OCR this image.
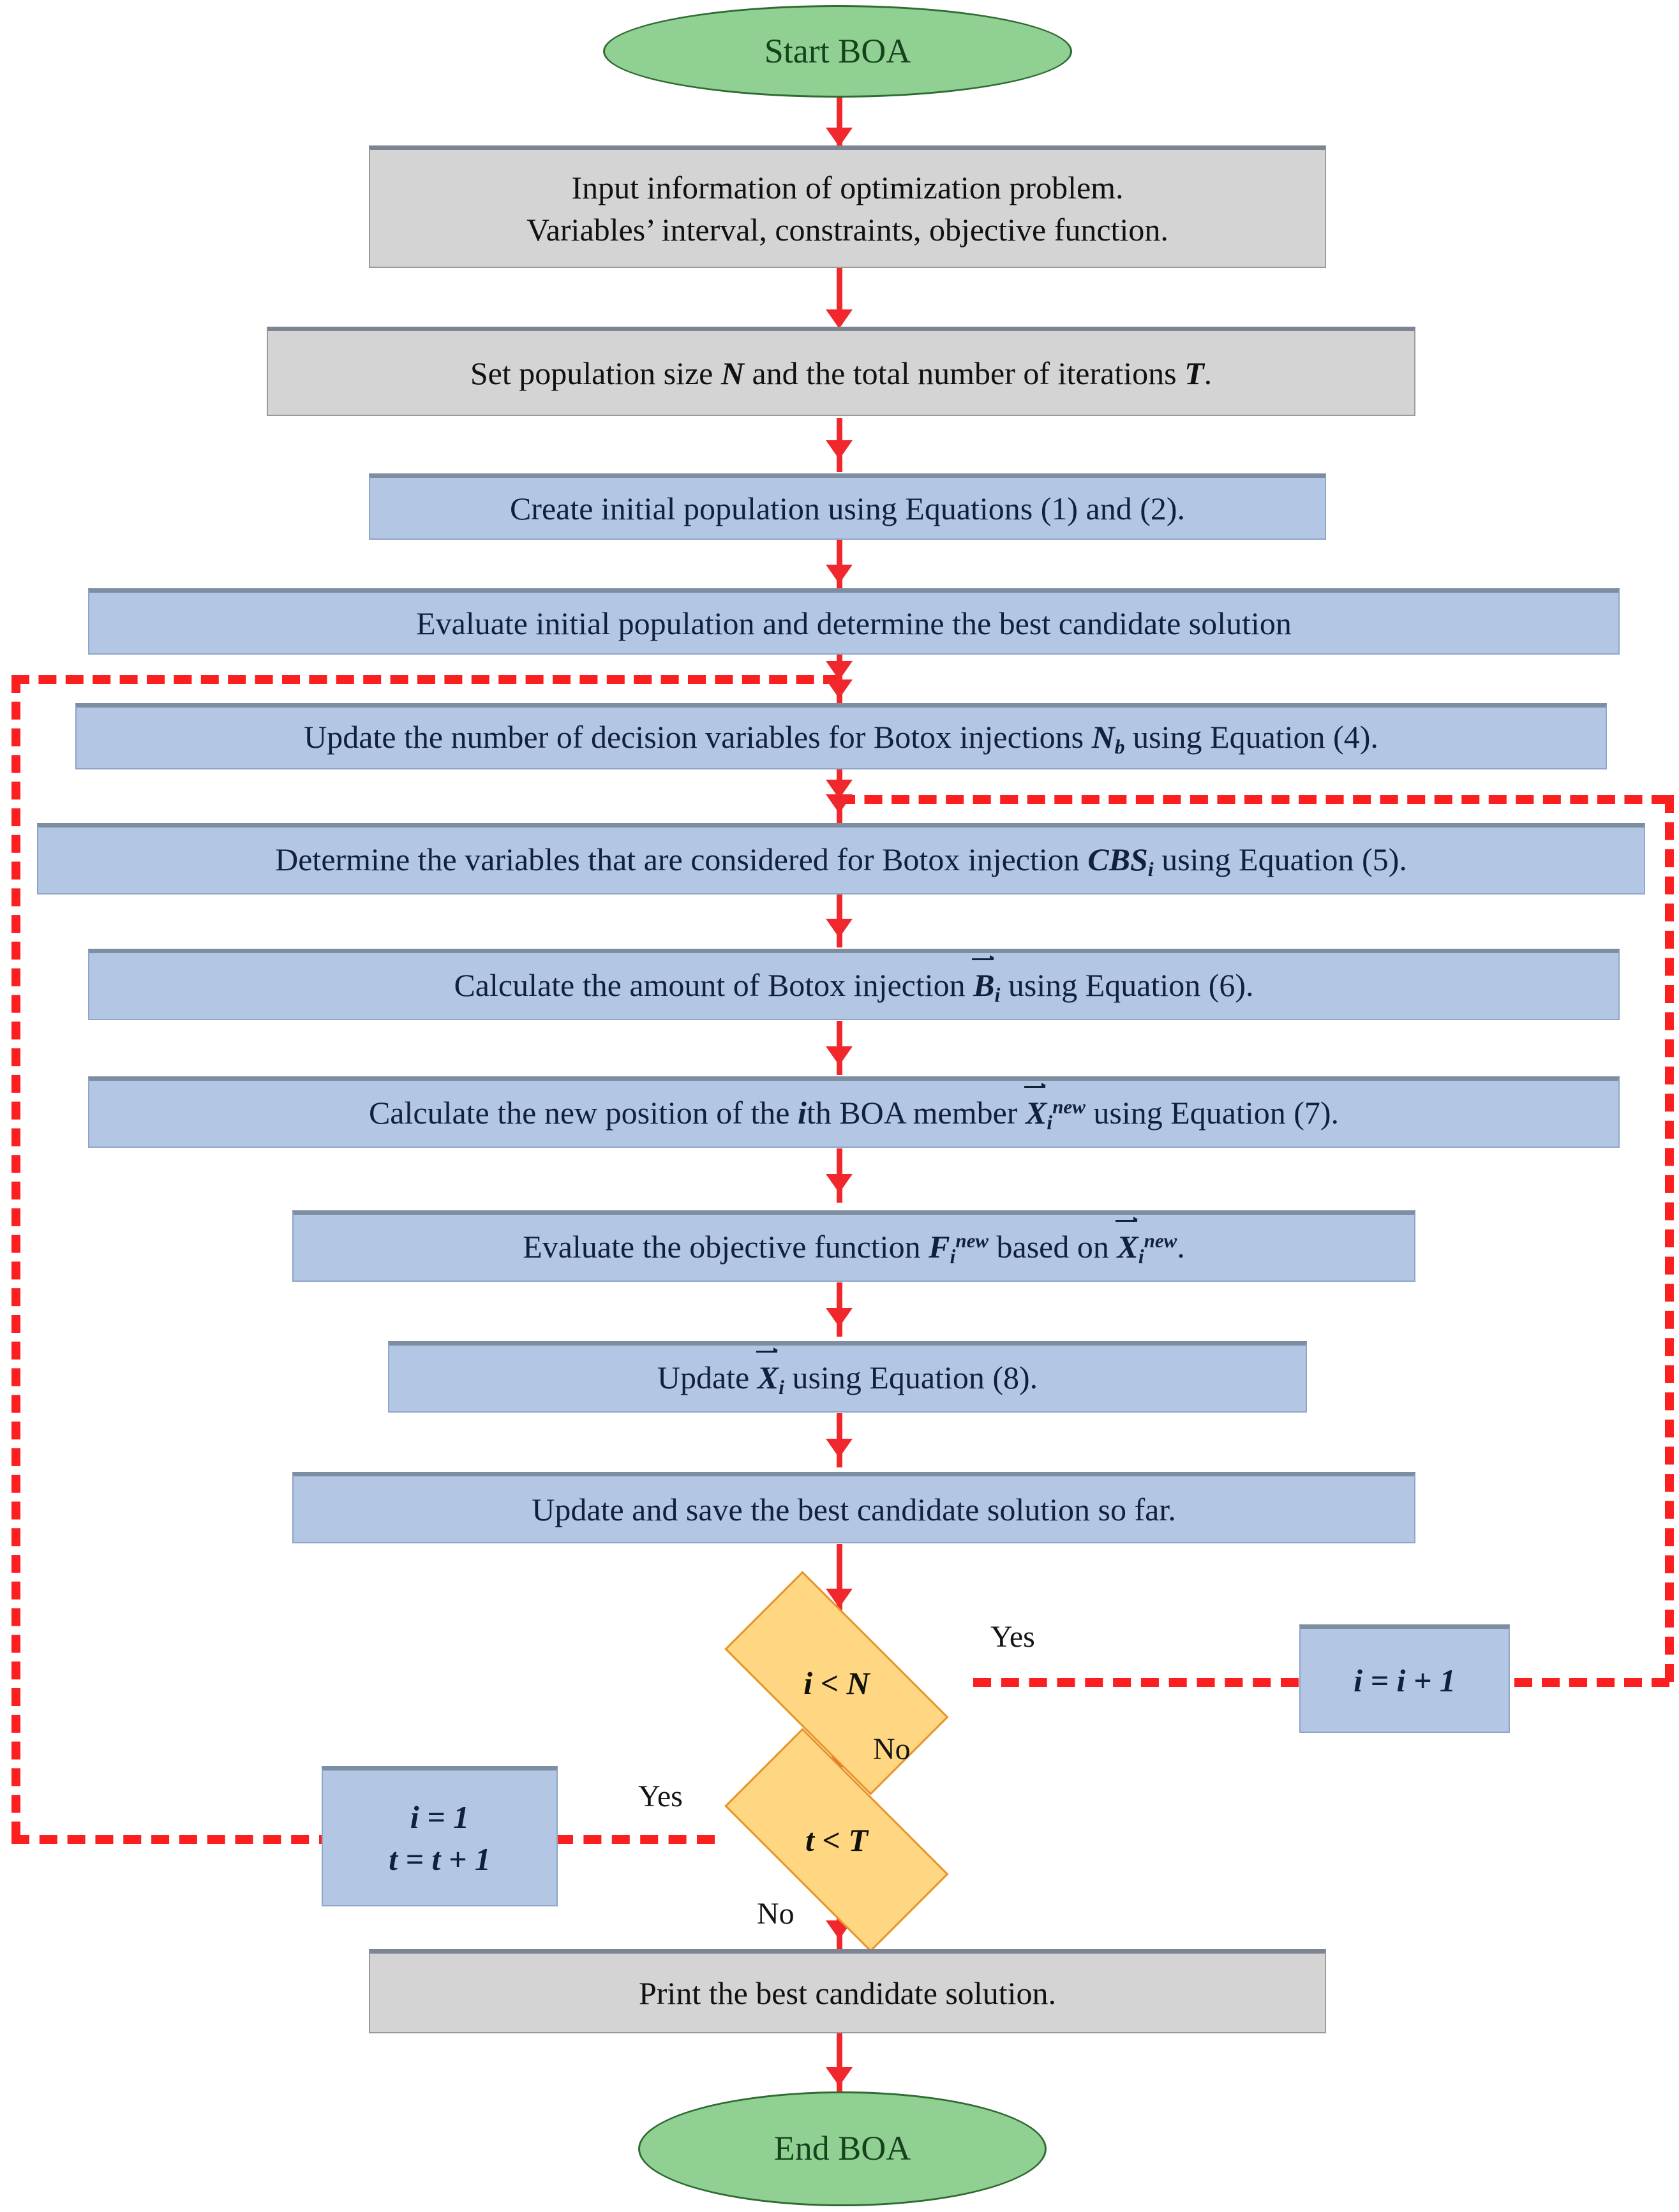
Start BOA
Input information of optimization problem.
Variables’ interval, constraints, objective function.
Set population size N and the total number of iterations T.
Create initial population using Equations (1) and (2).
Evaluate initial population and determine the best candidate solution
Update the number of decision variables for Botox injections $N_b$ using Equation (4).
Determine the variables that are considered for Botox injection $CBS_i$ using Equation (5).
Calculate the amount of Botox injection
$B_i$ using Equation (6).
Calculate the new position of the ith BOA member
$X_i^{new}$ using Equation (7).
Evaluate the objective function $F_i^{new}$ based on
$X_i^{new}$.
Update
$X_i$ using Equation (8).
Update and save the best candidate solution so far.
i < N
t < T
i = i + 1
i = 1
t = t + 1
Print the best candidate solution.
End BOA
Yes
No
Yes
No
